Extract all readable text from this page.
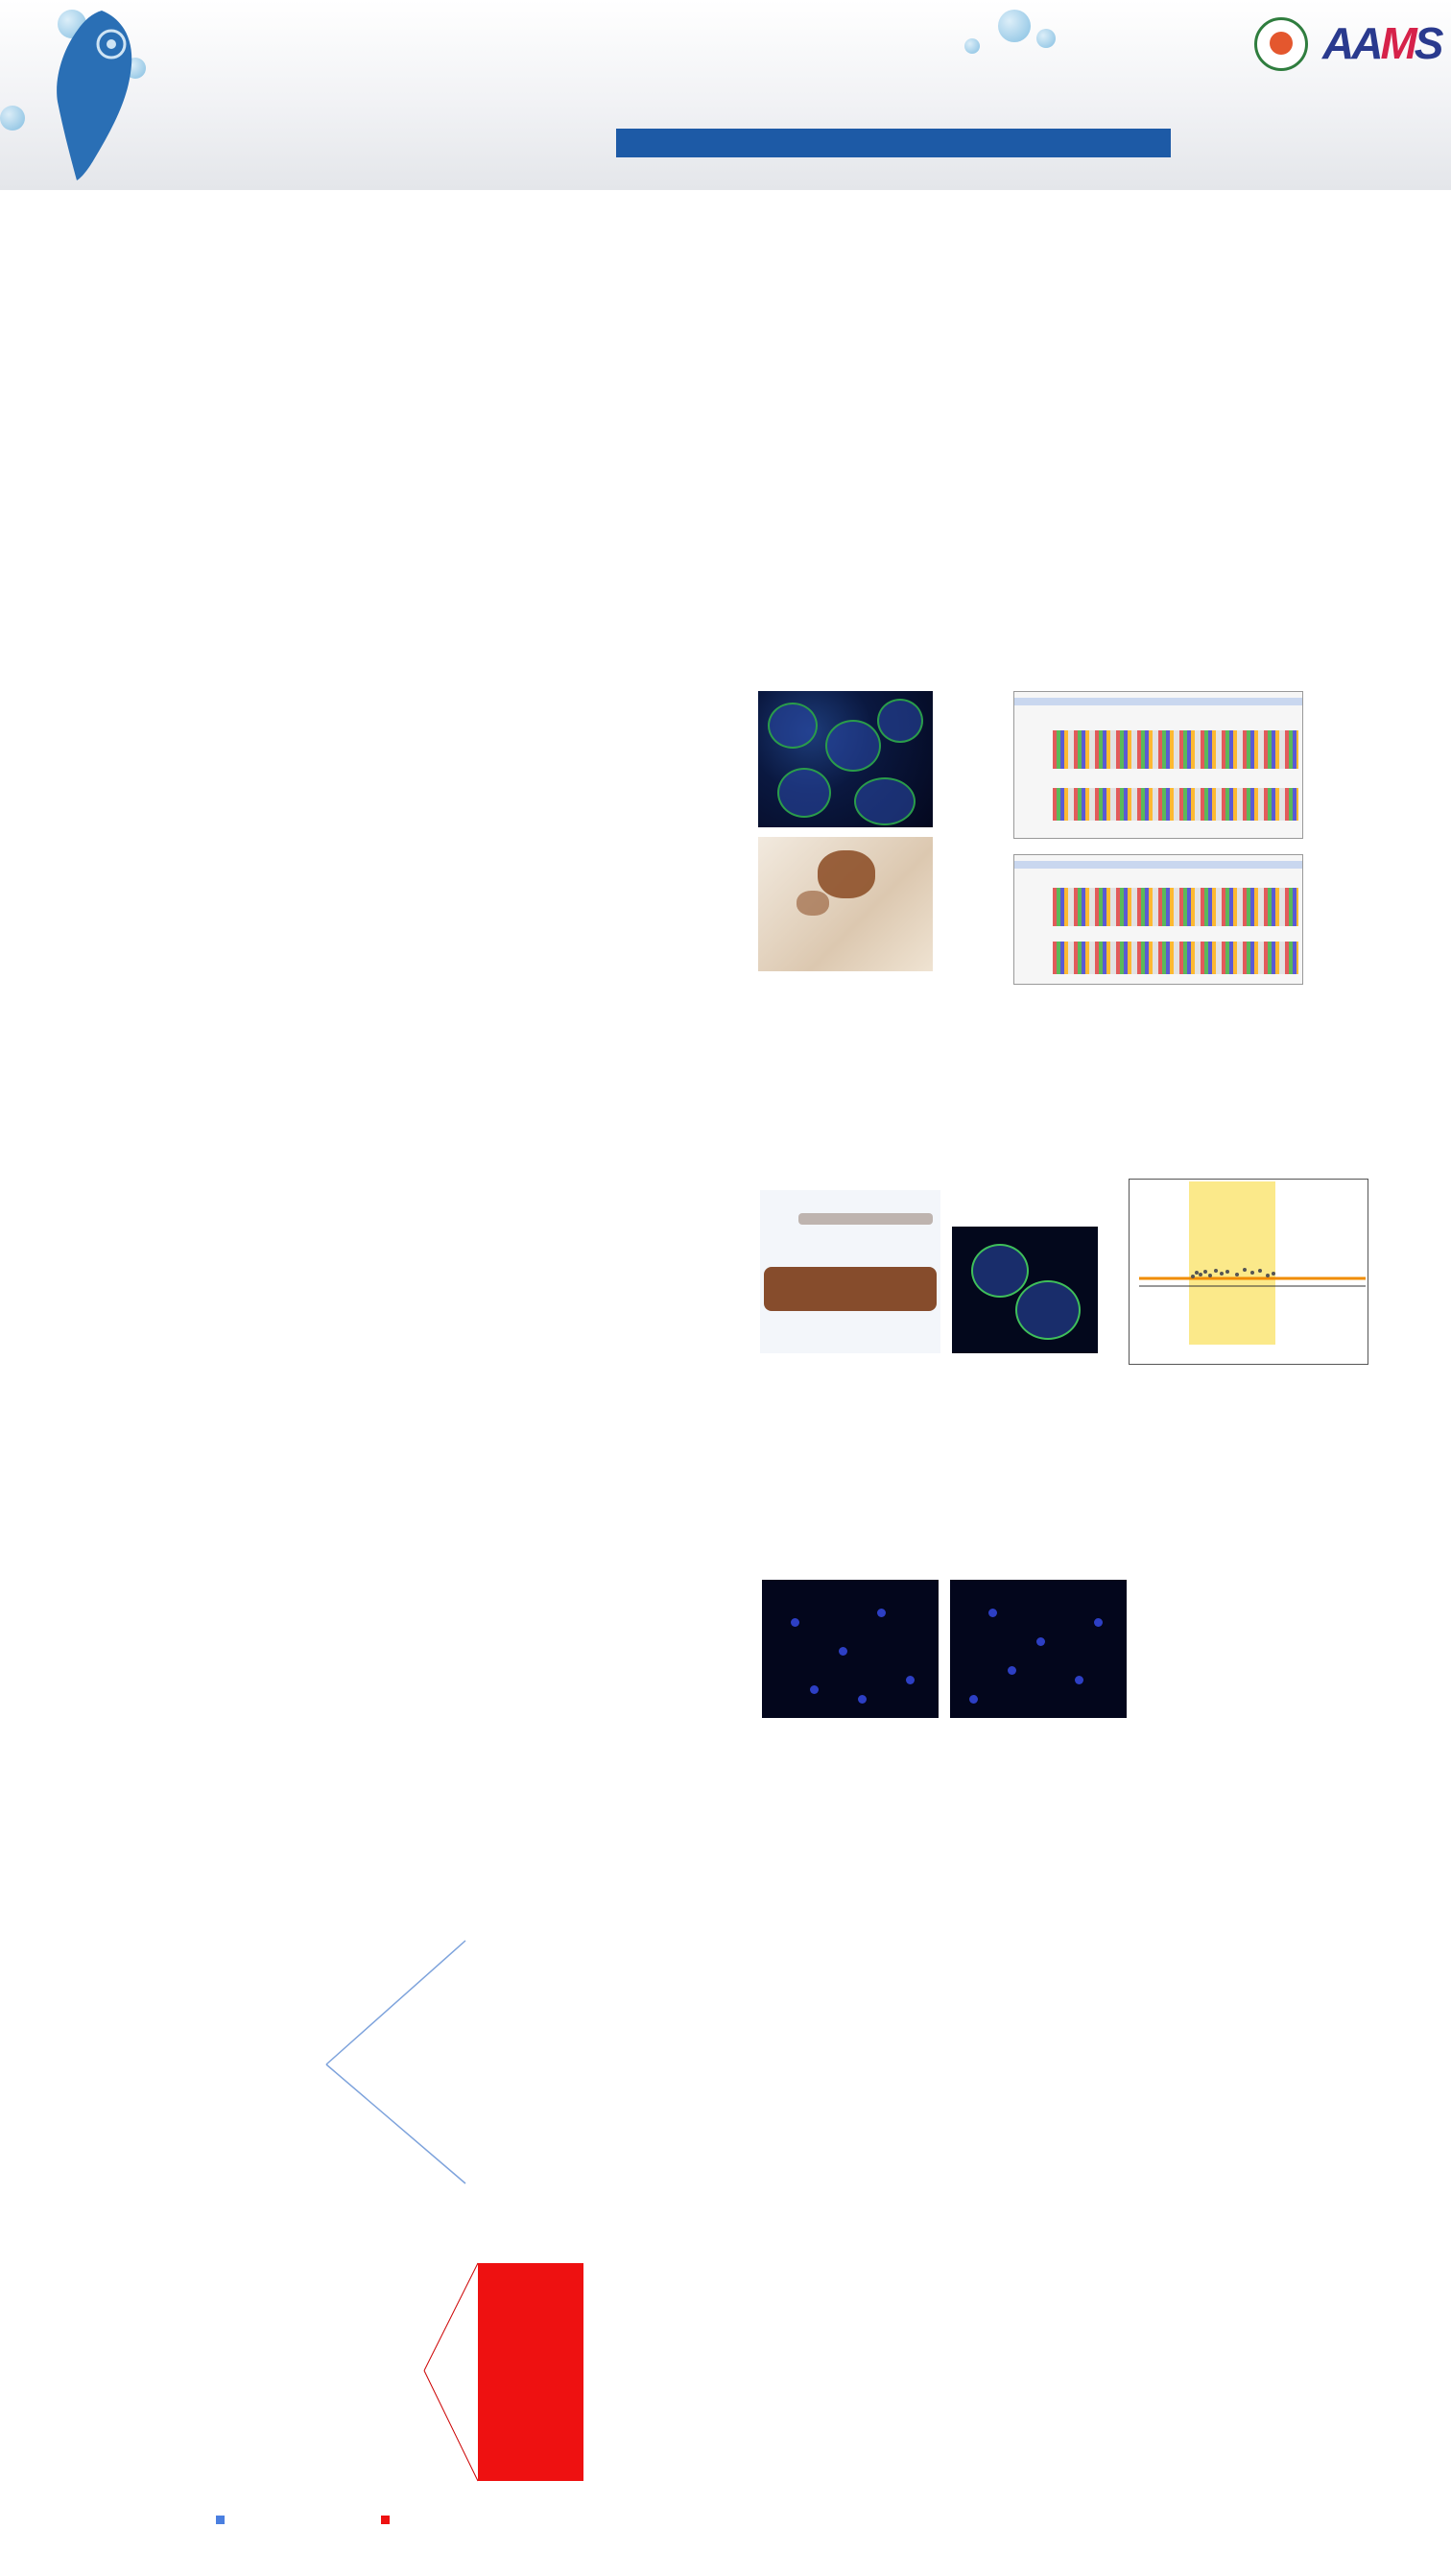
AAMS
